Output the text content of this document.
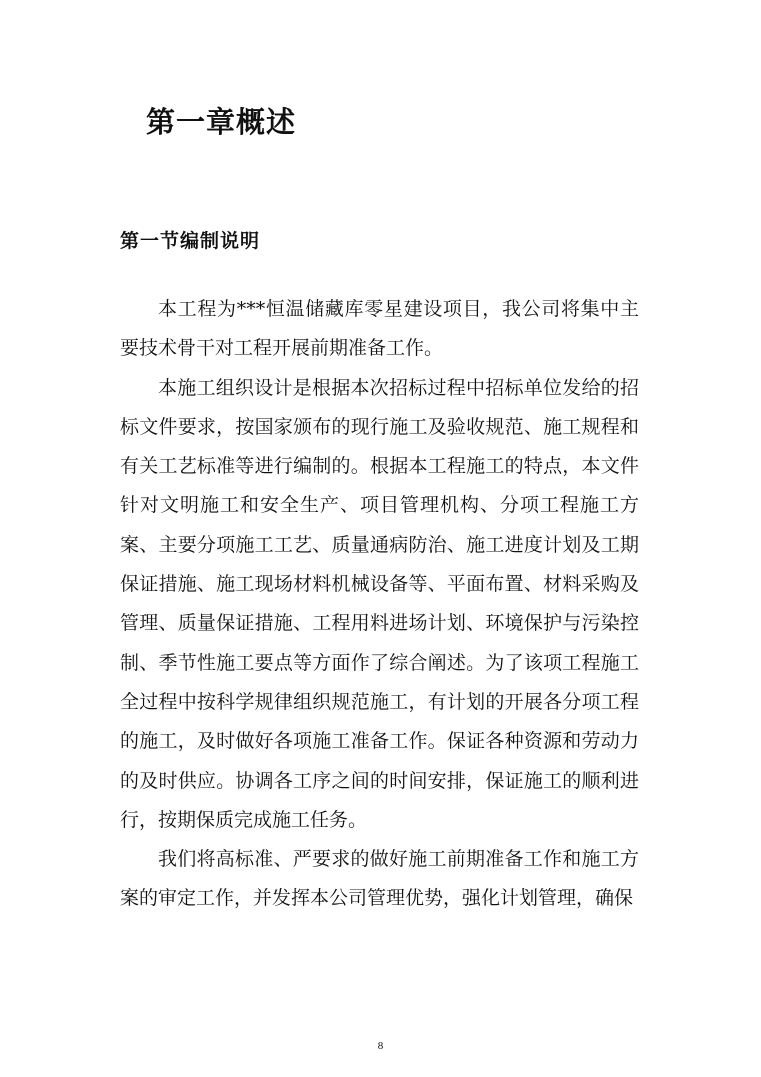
第一章概述
第一节编制说明

本工程为***恒温储藏库零星建设项目，我公司将集中主要技术骨干对工程开展前期准备工作。

本施工组织设计是根据本次招标过程中招标单位发给的招标文件要求，按国家颁布的现行施工及验收规范、施工规程和有关工艺标准等进行编制的。根据本工程施工的特点，本文件针对文明施工和安全生产、项目管理机构、分项工程施工方案、主要分项施工工艺、质量通病防治、施工进度计划及工期保证措施、施工现场材料机械设备等、平面布置、材料采购及管理、质量保证措施、工程用料进场计划、环境保护与污染控制、季节性施工要点等方面作了综合阐述。为了该项工程施工全过程中按科学规律组织规范施工，有计划的开展各分项工程的施工，及时做好各项施工准备工作。保证各种资源和劳动力的及时供应。协调各工序之间的时间安排，保证施工的顺利进行，按期保质完成施工任务。

我们将高标准、严要求的做好施工前期准备工作和施工方案的审定工作，并发挥本公司管理优势，强化计划管理，确保

8
